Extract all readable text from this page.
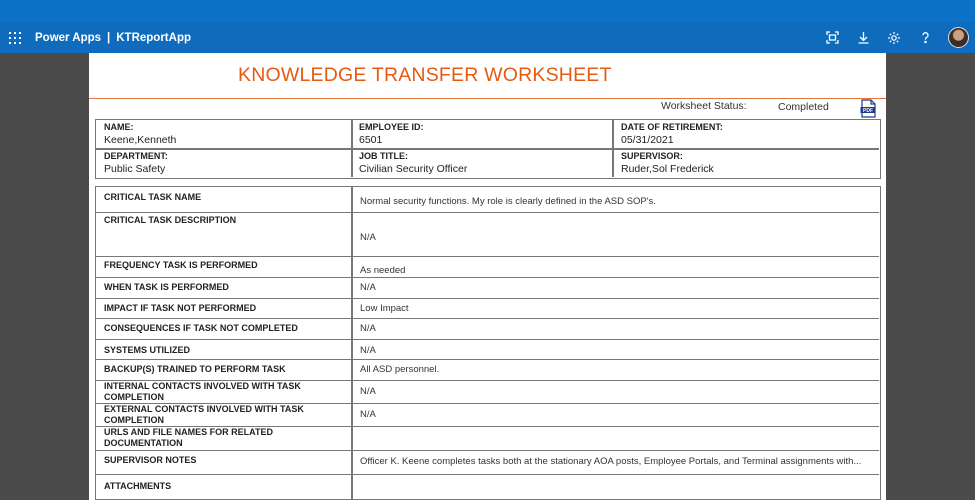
Power Apps | KTReportApp
KNOWLEDGE TRANSFER WORKSHEET
Worksheet Status:	Completed	PDF
NAME:
Keene,Kenneth
EMPLOYEE ID:
6501
DATE OF RETIREMENT:
05/31/2021
DEPARTMENT:
Public Safety
JOB TITLE:
Civilian Security Officer
SUPERVISOR:
Ruder,Sol Frederick
CRITICAL TASK NAME	Normal security functions. My role is clearly defined in the ASD SOP's.
CRITICAL TASK DESCRIPTION
N/A
FREQUENCY TASK IS PERFORMED	As needed
WHEN TASK IS PERFORMED	N/A
IMPACT IF TASK NOT PERFORMED	Low Impact
CONSEQUENCES IF TASK NOT COMPLETED	N/A
SYSTEMS UTILIZED	N/A
BACKUP(S) TRAINED TO PERFORM TASK	All ASD personnel.
INTERNAL CONTACTS INVOLVED WITH TASK COMPLETION	N/A
EXTERNAL CONTACTS INVOLVED WITH TASK COMPLETION	N/A
URLS AND FILE NAMES FOR RELATED DOCUMENTATION
SUPERVISOR NOTES	Officer K. Keene completes tasks both at the stationary AOA posts, Employee Portals, and Terminal assignments with...
ATTACHMENTS
